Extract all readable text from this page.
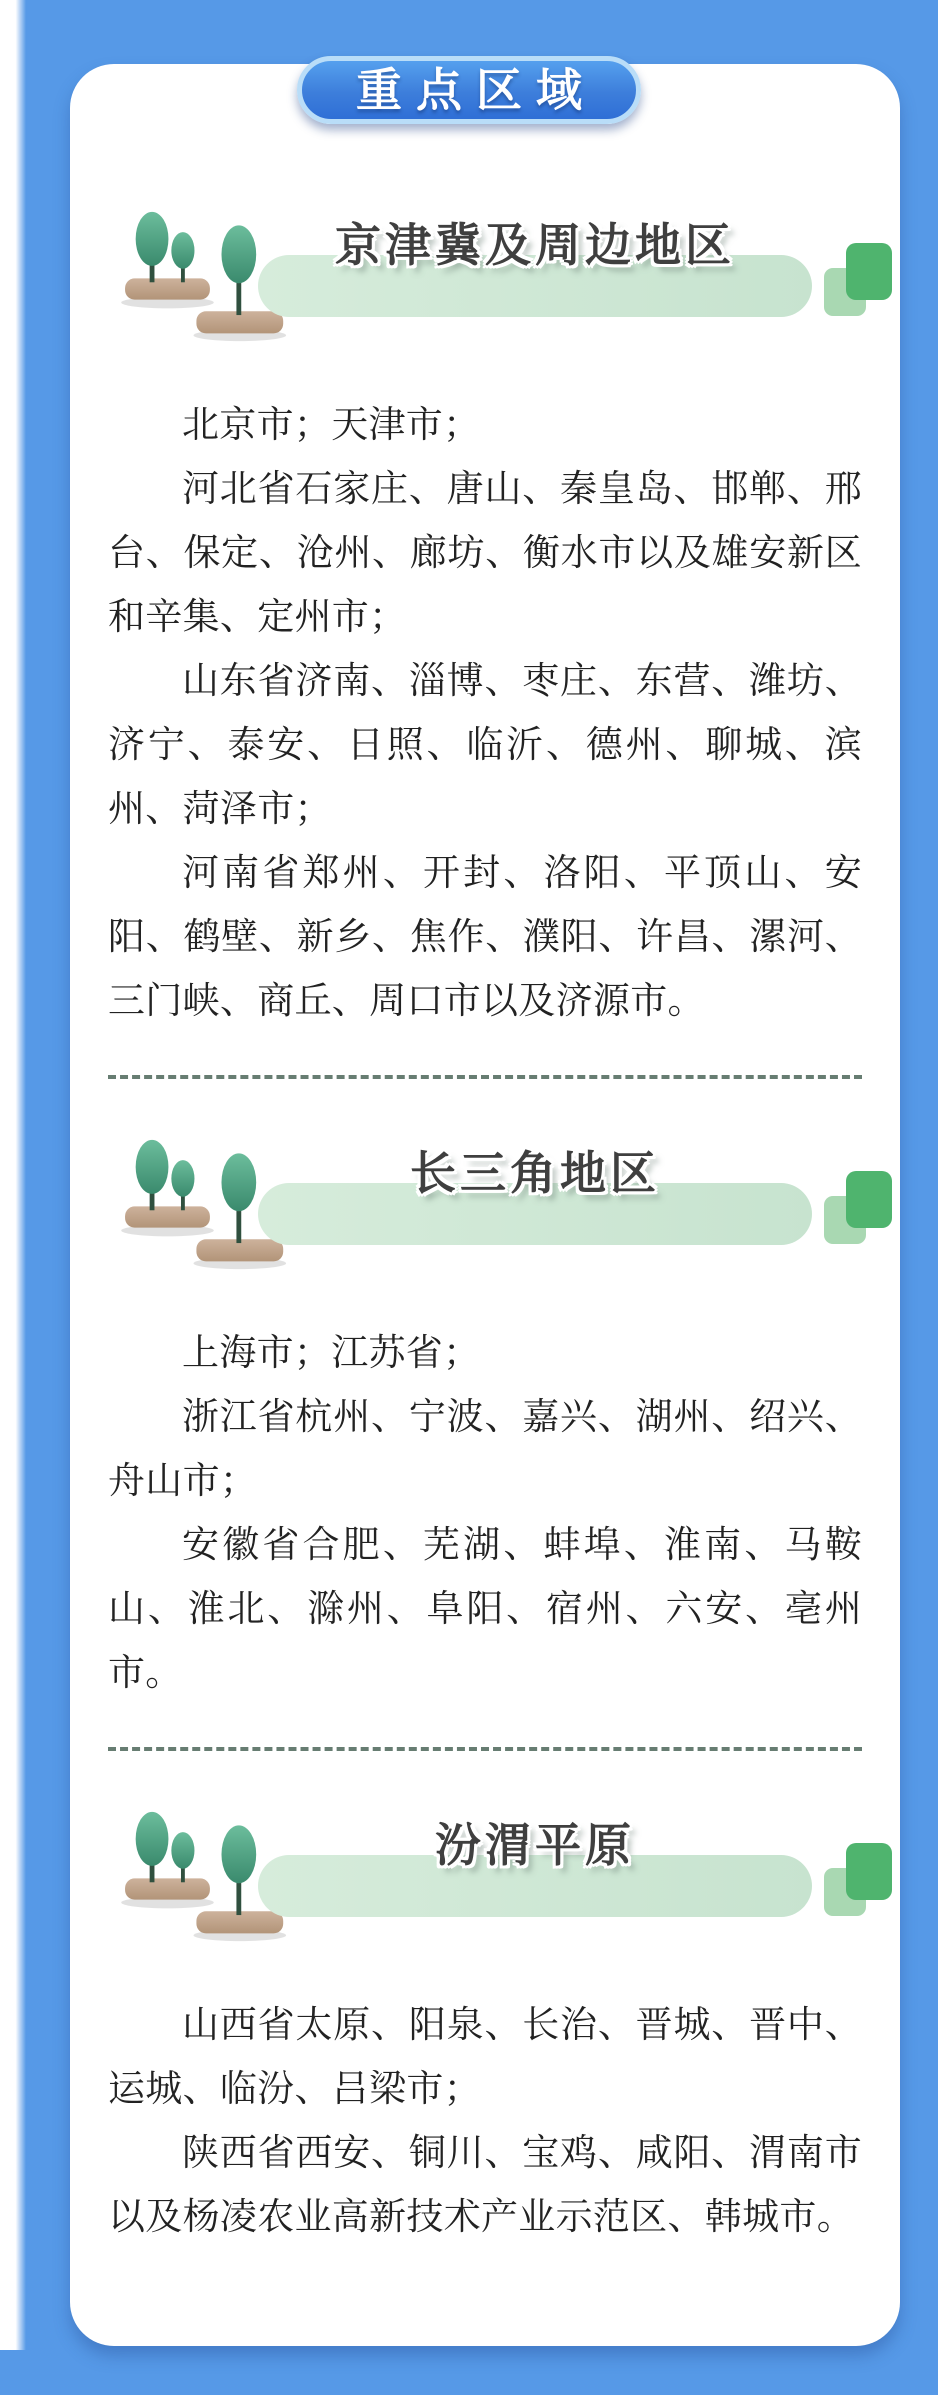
京津冀及周边地区

北京市；天津市；

河北省石家庄、唐山、秦皇岛、邯郸、邢台、保定、沧州、廊坊、衡水市以及雄安新区和辛集、定州市；

山东省济南、淄博、枣庄、东营、潍坊、济宁、泰安、日照、临沂、德州、聊城、滨州、菏泽市；

河南省郑州、开封、洛阳、平顶山、安阳、鹤壁、新乡、焦作、濮阳、许昌、漯河、三门峡、商丘、周口市以及济源市。

长三角地区

上海市；江苏省；

浙江省杭州、宁波、嘉兴、湖州、绍兴、舟山市；

安徽省合肥、芜湖、蚌埠、淮南、马鞍山、淮北、滁州、阜阳、宿州、六安、亳州市。

汾渭平原

山西省太原、阳泉、长治、晋城、晋中、运城、临汾、吕梁市；

陕西省西安、铜川、宝鸡、咸阳、渭南市以及杨凌农业高新技术产业示范区、韩城市。

重点区域
